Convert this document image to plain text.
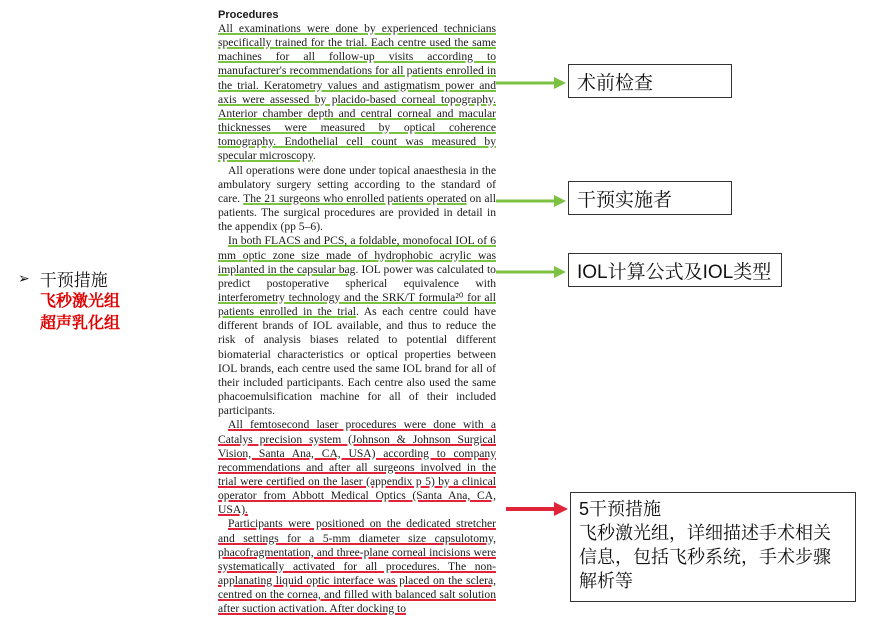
➢ 干预措施
飞秒激光组
超声乳化组
Procedures

All examinations were done by experienced technicians specifically trained for the trial. Each centre used the same machines for all follow-up visits according to manufacturer's recommendations for all patients enrolled in the trial. Keratometry values and astigmatism power and axis were assessed by placido-based corneal topography. Anterior chamber depth and central corneal and macular thicknesses were measured by optical coherence tomography. Endothelial cell count was measured by specular microscopy.

All operations were done under topical anaesthesia in the ambulatory surgery setting according to the standard of care. The 21 surgeons who enrolled patients operated on all patients. The surgical procedures are provided in detail in the appendix (pp 5–6).

In both FLACS and PCS, a foldable, monofocal IOL of 6 mm optic zone size made of hydrophobic acrylic was implanted in the capsular bag. IOL power was calculated to predict postoperative spherical equivalence with interferometry technology and the SRK/T formula²⁰ for all patients enrolled in the trial. As each centre could have different brands of IOL available, and thus to reduce the risk of analysis biases related to potential different biomaterial characteristics or optical properties between IOL brands, each centre used the same IOL brand for all of their included participants. Each centre also used the same phacoemulsification machine for all of their included participants.

All femtosecond laser procedures were done with a Catalys precision system (Johnson & Johnson Surgical Vision, Santa Ana, CA, USA) according to company recommendations and after all surgeons involved in the trial were certified on the laser (appendix p 5) by a clinical operator from Abbott Medical Optics (Santa Ana, CA, USA).

Participants were positioned on the dedicated stretcher and settings for a 5-mm diameter size capsulotomy, phacofragmentation, and three-plane corneal incisions were systematically activated for all procedures. The non-applanating liquid optic interface was placed on the sclera, centred on the cornea, and filled with balanced salt solution after suction activation. After docking to

术前检查
干预实施者
IOL计算公式及IOL类型
5干预措施
飞秒激光组，详细描述手术相关信息，包括飞秒系统，手术步骤解析等
